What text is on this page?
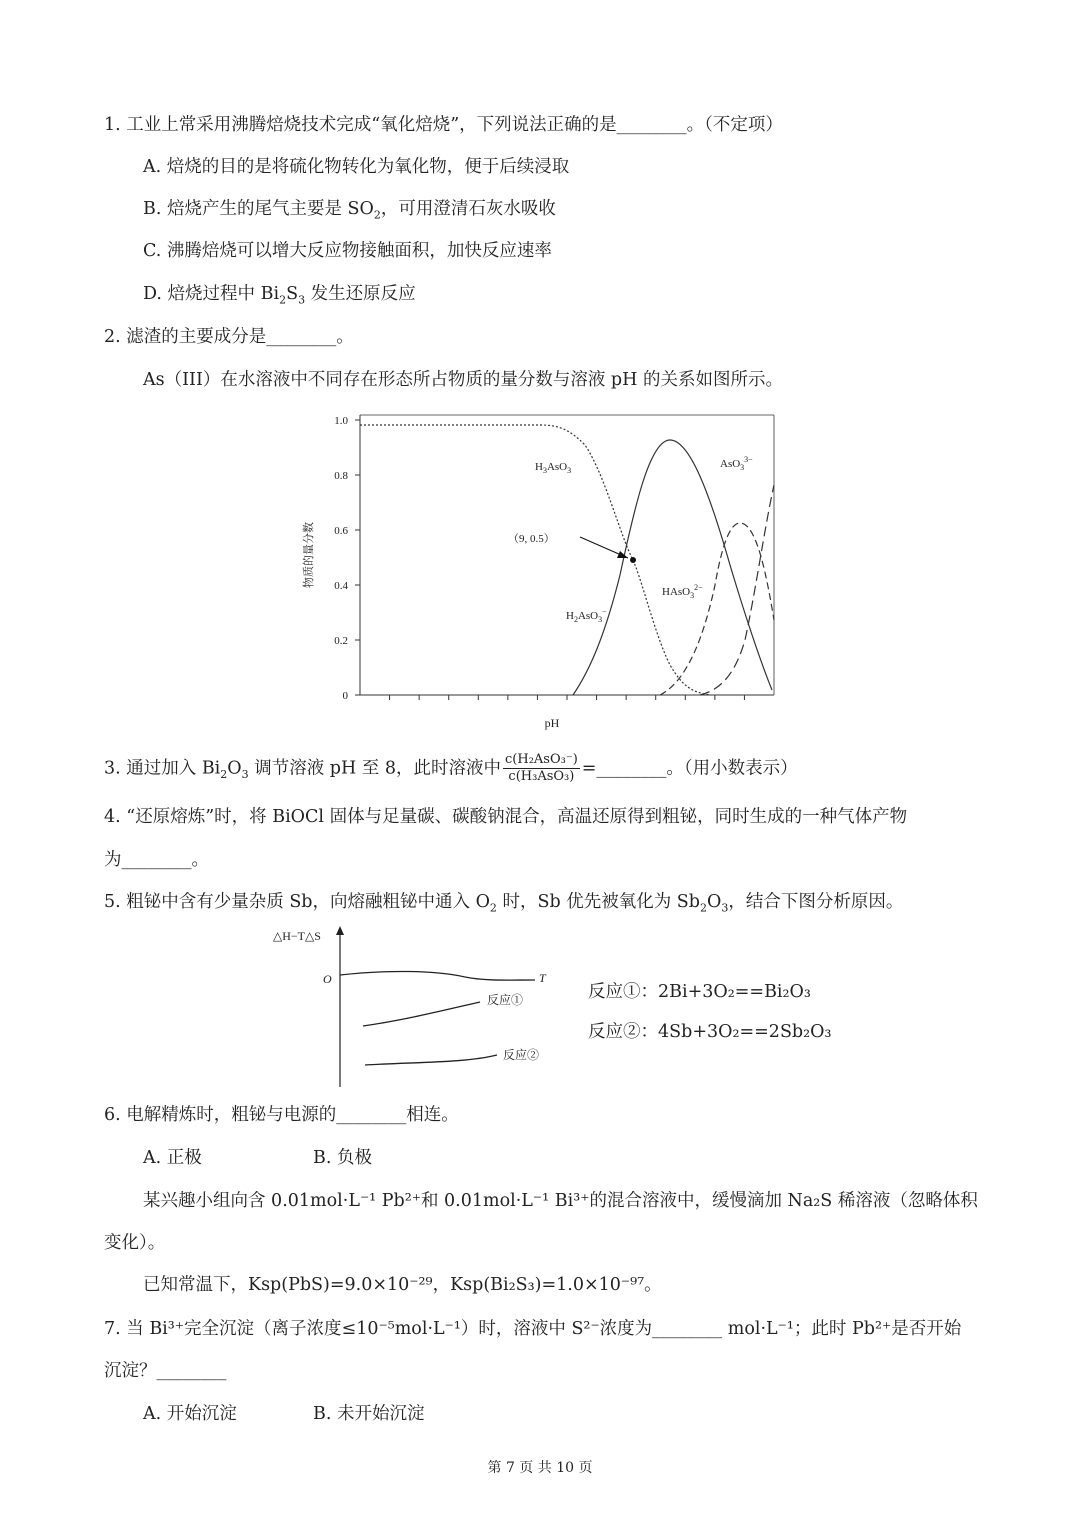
1. 工业上常采用沸腾焙烧技术完成“氧化焙烧”，下列说法正确的是________。（不定项）
A. 焙烧的目的是将硫化物转化为氧化物，便于后续浸取
B. 焙烧产生的尾气主要是 $SO_2$，可用澄清石灰水吸收
C. 沸腾焙烧可以增大反应物接触面积，加快反应速率
D. 焙烧过程中 $Bi_2S_3$ 发生还原反应
2. 滤渣的主要成分是________。
As（III）在水溶液中不同存在形态所占物质的量分数与溶液 pH 的关系如图所示。
0
0.2
0.4
0.6
0.8
1.0
物质的量分数
pH
（9, 0.5）
$H_3AsO_3$
$H_2AsO_3^-$
HAsO$_3^{2-}$
AsO$_3^{3-}$
3. 通过加入 $Bi_2O_3$ 调节溶液 pH 至 8，此时溶液中 $\frac{\text{c(H₂AsO₃⁻)}}{\text{c(H₃AsO₃)}}$ =________。（用小数表示）
4. “还原熔炼”时，将 BiOCl 固体与足量碳、碳酸钠混合，高温还原得到粗铋，同时生成的一种气体产物
为________。
5. 粗铋中含有少量杂质 Sb，向熔融粗铋中通入 $O_2$ 时，Sb 优先被氧化为 $Sb_2O_3$，结合下图分析原因。
△H−T△S
O	T
反应①
反应②
反应①：2Bi+3O₂==Bi₂O₃
反应②：4Sb+3O₂==2Sb₂O₃
6. 电解精炼时，粗铋与电源的________相连。
A. 正极	B. 负极
某兴趣小组向含 0.01mol·L⁻¹ Pb²⁺和 0.01mol·L⁻¹ Bi³⁺的混合溶液中，缓慢滴加 Na₂S 稀溶液（忽略体积
变化）。
已知常温下，Ksp(PbS)=9.0×10⁻²⁹，Ksp(Bi₂S₃)=1.0×10⁻⁹⁷。
7. 当 Bi³⁺完全沉淀（离子浓度≤10⁻⁵mol·L⁻¹）时，溶液中 S²⁻浓度为________ mol·L⁻¹；此时 Pb²⁺是否开始
沉淀？________
A. 开始沉淀	B. 未开始沉淀
第 7 页 共 10 页
